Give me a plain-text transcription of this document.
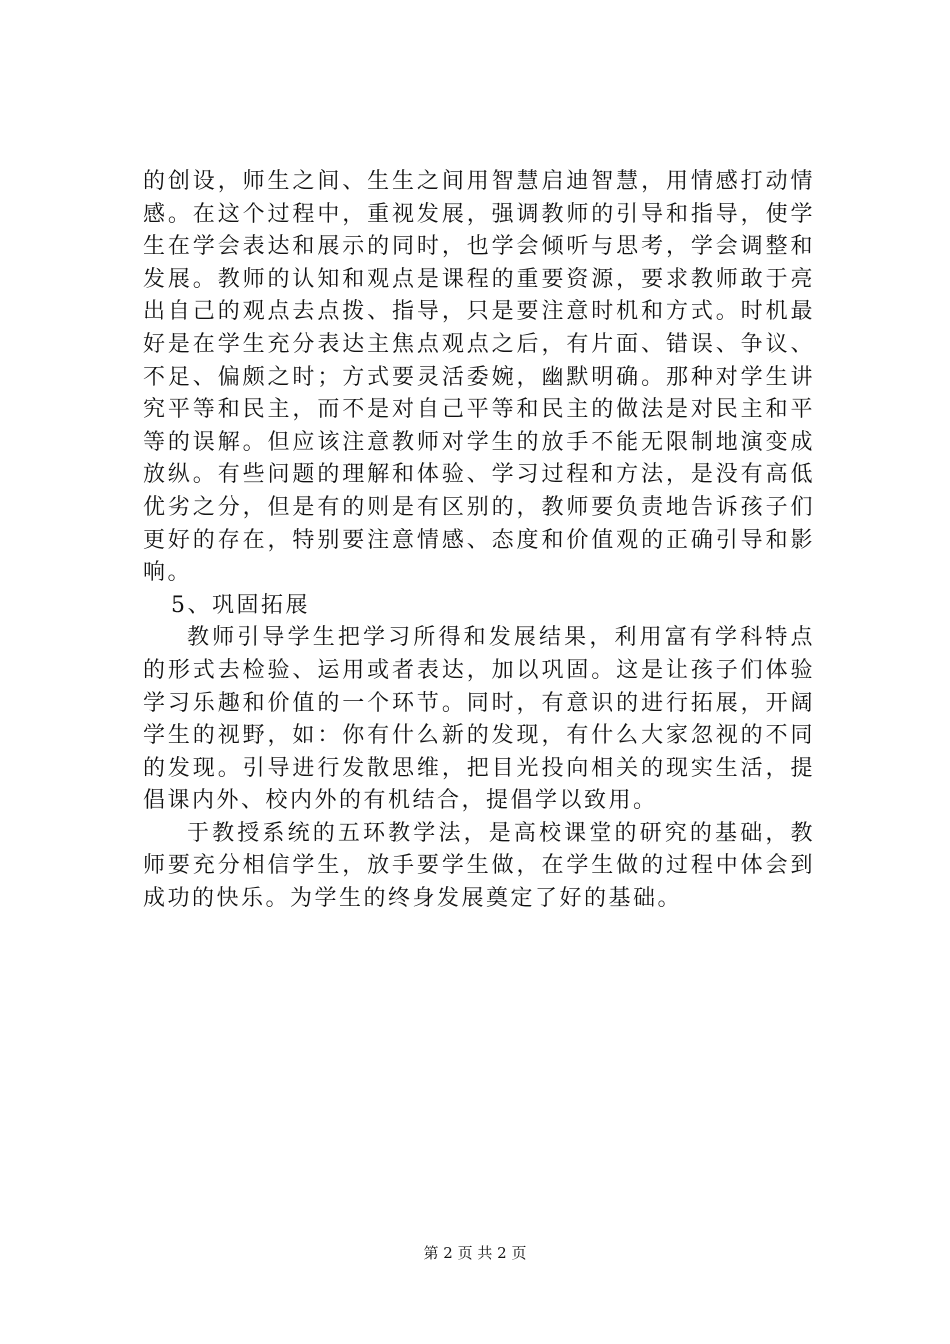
的创设，师生之间、生生之间用智慧启迪智慧，用情感打动情感。在这个过程中，重视发展，强调教师的引导和指导，使学生在学会表达和展示的同时，也学会倾听与思考，学会调整和发展。教师的认知和观点是课程的重要资源，要求教师敢于亮出自己的观点去点拨、指导，只是要注意时机和方式。时机最好是在学生充分表达主焦点观点之后，有片面、错误、争议、不足、偏颇之时；方式要灵活委婉，幽默明确。那种对学生讲究平等和民主，而不是对自己平等和民主的做法是对民主和平等的误解。但应该注意教师对学生的放手不能无限制地演变成放纵。有些问题的理解和体验、学习过程和方法，是没有高低优劣之分，但是有的则是有区别的，教师要负责地告诉孩子们更好的存在，特别要注意情感、态度和价值观的正确引导和影响。

5、巩固拓展

教师引导学生把学习所得和发展结果，利用富有学科特点的形式去检验、运用或者表达，加以巩固。这是让孩子们体验学习乐趣和价值的一个环节。同时，有意识的进行拓展，开阔学生的视野，如：你有什么新的发现，有什么大家忽视的不同的发现。引导进行发散思维，把目光投向相关的现实生活，提倡课内外、校内外的有机结合，提倡学以致用。

于教授系统的五环教学法，是高校课堂的研究的基础，教师要充分相信学生，放手要学生做，在学生做的过程中体会到成功的快乐。为学生的终身发展奠定了好的基础。

第 2 页 共 2 页
